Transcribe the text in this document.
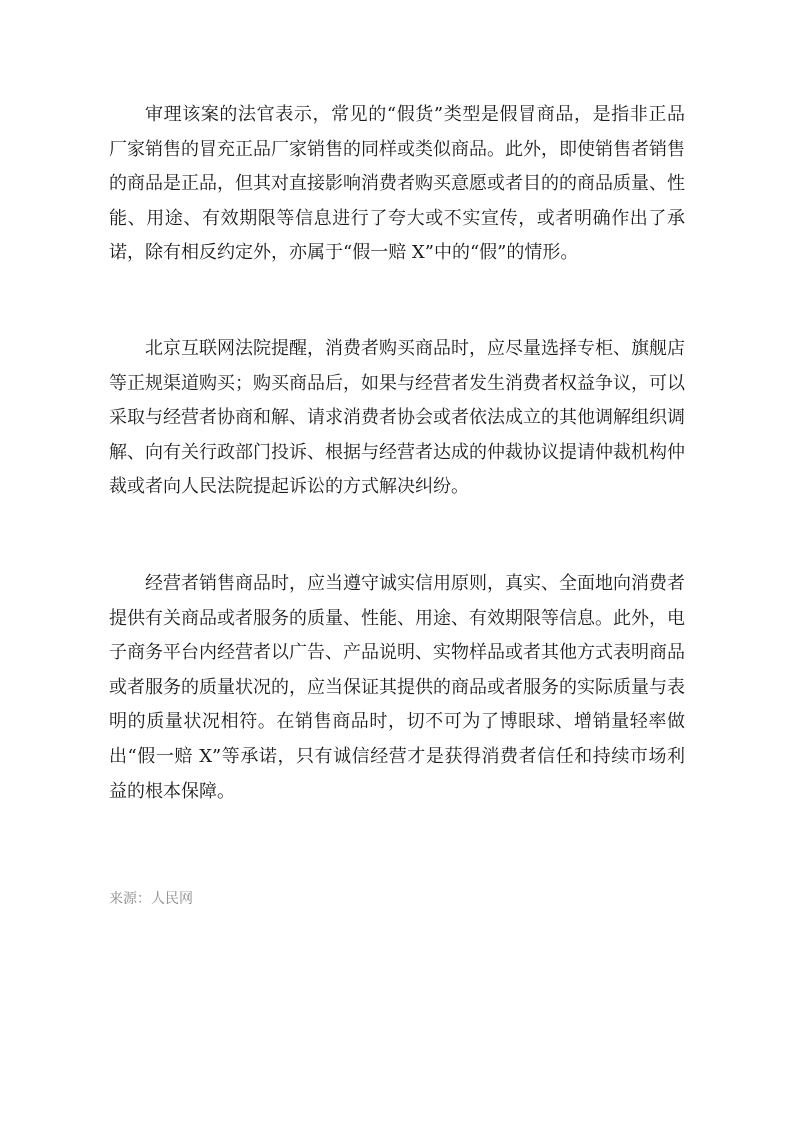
审理该案的法官表示，常见的“假货”类型是假冒商品，是指非正品厂家销售的冒充正品厂家销售的同样或类似商品。此外，即使销售者销售的商品是正品，但其对直接影响消费者购买意愿或者目的的商品质量、性能、用途、有效期限等信息进行了夸大或不实宣传，或者明确作出了承诺，除有相反约定外，亦属于“假一赔 X”中的“假”的情形。

北京互联网法院提醒，消费者购买商品时，应尽量选择专柜、旗舰店等正规渠道购买；购买商品后，如果与经营者发生消费者权益争议，可以采取与经营者协商和解、请求消费者协会或者依法成立的其他调解组织调解、向有关行政部门投诉、根据与经营者达成的仲裁协议提请仲裁机构仲裁或者向人民法院提起诉讼的方式解决纠纷。

经营者销售商品时，应当遵守诚实信用原则，真实、全面地向消费者提供有关商品或者服务的质量、性能、用途、有效期限等信息。此外，电子商务平台内经营者以广告、产品说明、实物样品或者其他方式表明商品或者服务的质量状况的，应当保证其提供的商品或者服务的实际质量与表明的质量状况相符。在销售商品时，切不可为了博眼球、增销量轻率做出“假一赔 X”等承诺，只有诚信经营才是获得消费者信任和持续市场利益的根本保障。

来源：人民网
